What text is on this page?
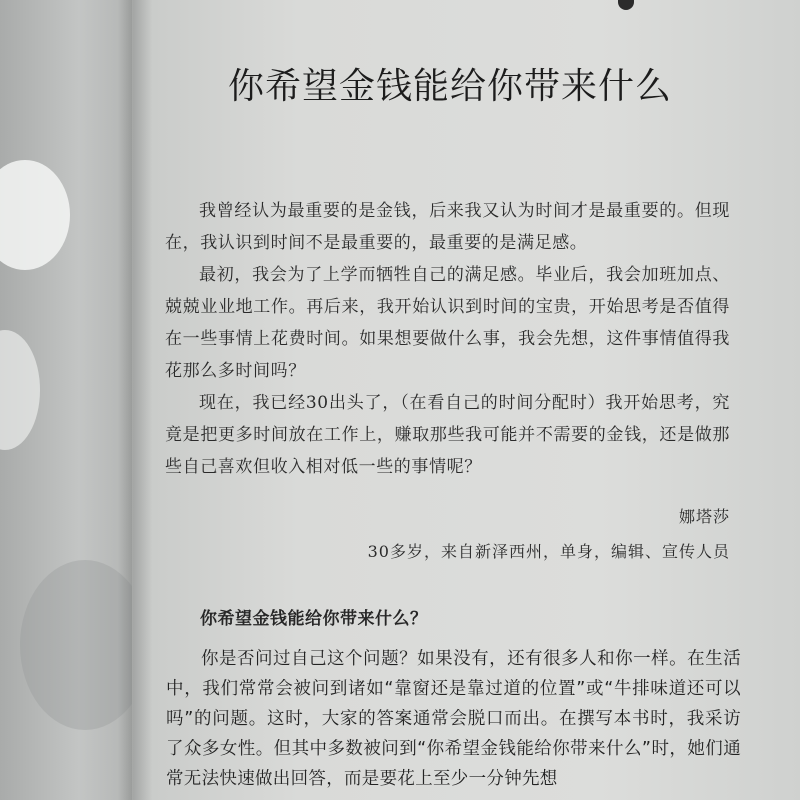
你希望金钱能给你带来什么

我曾经认为最重要的是金钱，后来我又认为时间才是最重要的。但现在，我认识到时间不是最重要的，最重要的是满足感。

最初，我会为了上学而牺牲自己的满足感。毕业后，我会加班加点、兢兢业业地工作。再后来，我开始认识到时间的宝贵，开始思考是否值得在一些事情上花费时间。如果想要做什么事，我会先想，这件事情值得我花那么多时间吗？

现在，我已经30出头了，（在看自己的时间分配时）我开始思考，究竟是把更多时间放在工作上，赚取那些我可能并不需要的金钱，还是做那些自己喜欢但收入相对低一些的事情呢？

娜塔莎
30多岁，来自新泽西州，单身，编辑、宣传人员
你希望金钱能给你带来什么？

你是否问过自己这个问题？如果没有，还有很多人和你一样。在生活中，我们常常会被问到诸如“靠窗还是靠过道的位置”或“牛排味道还可以吗”的问题。这时，大家的答案通常会脱口而出。在撰写本书时，我采访了众多女性。但其中多数被问到“你希望金钱能给你带来什么”时，她们通常无法快速做出回答，而是要花上至少一分钟先想
